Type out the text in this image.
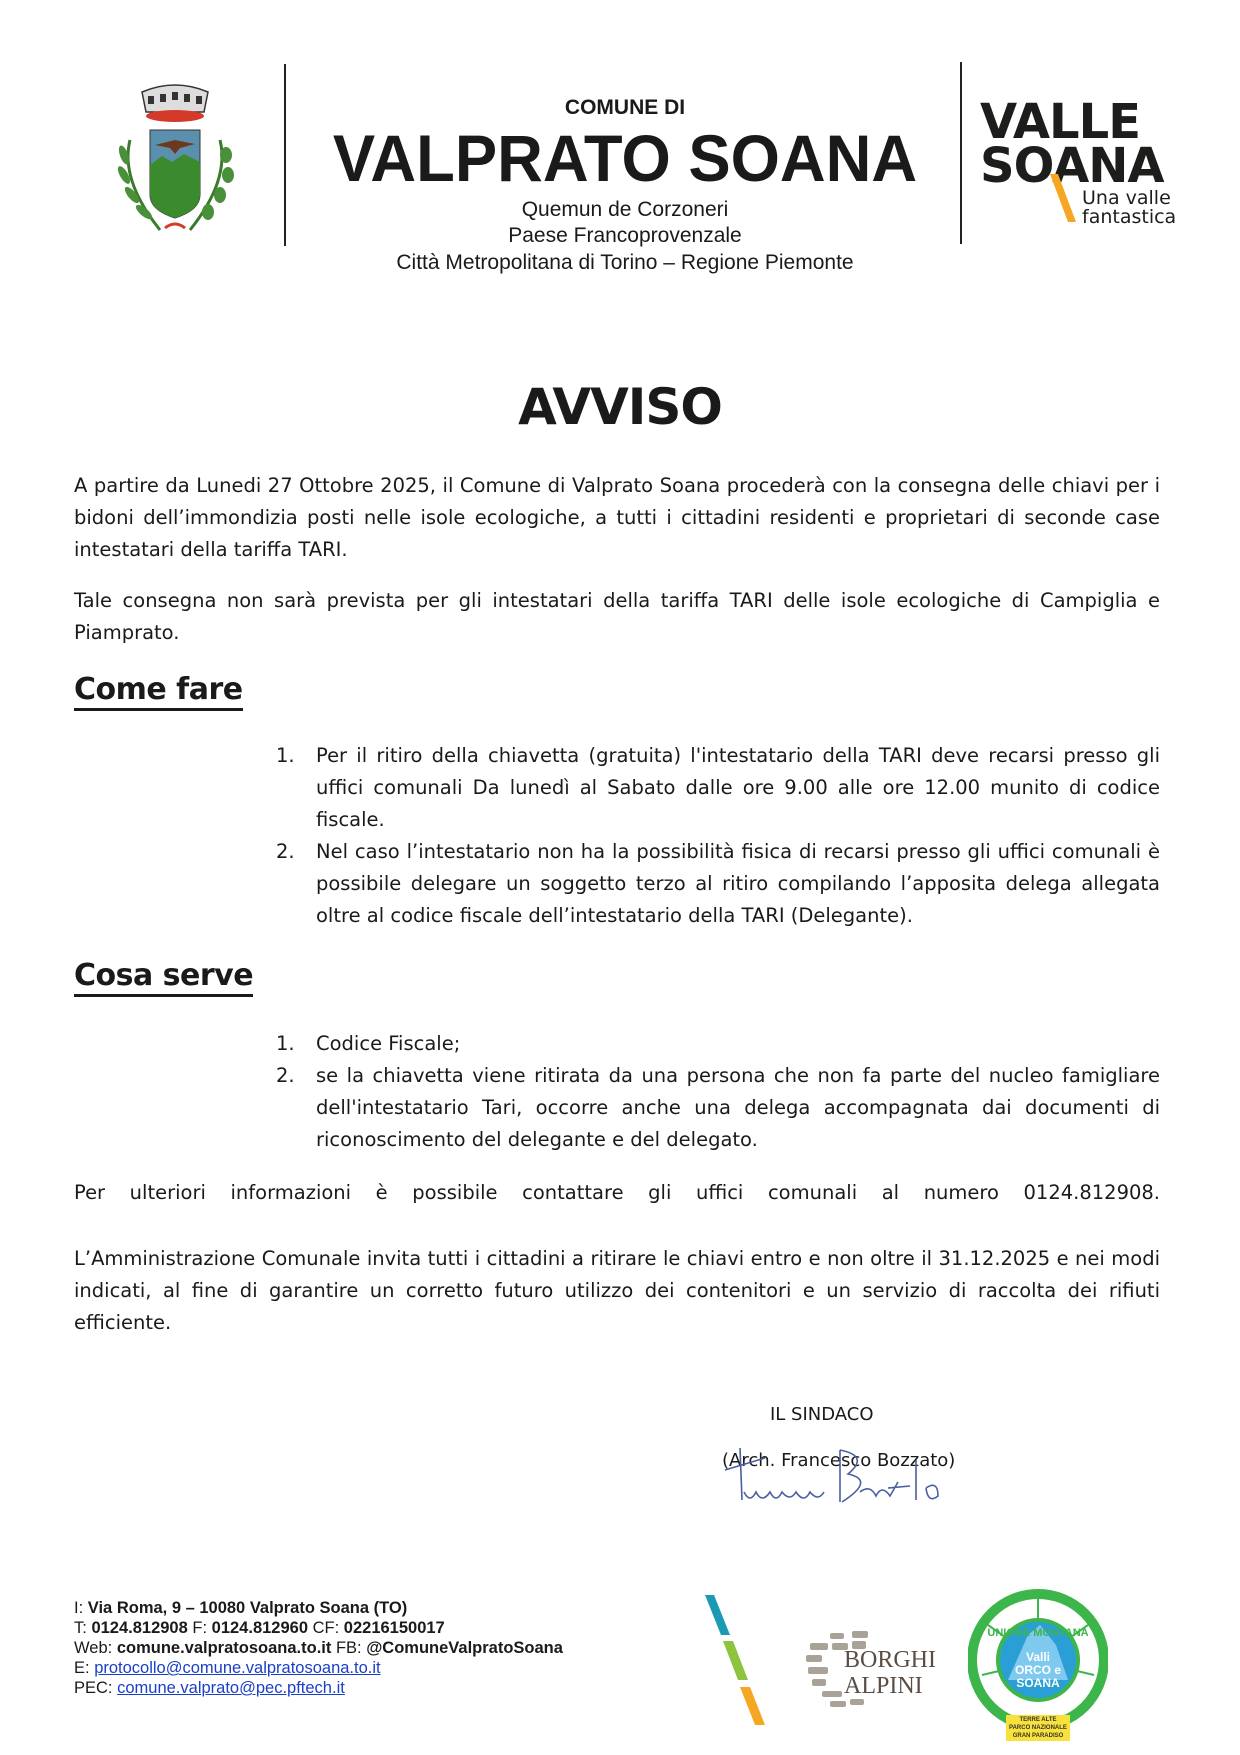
COMUNE DI
VALPRATO SOANA
Quemun de Corzoneri
Paese Francoprovenzale
Città Metropolitana di Torino – Regione Piemonte
VALLE
SOANA
Una valle
fantastica
AVVISO
A partire da Lunedi 27 Ottobre 2025, il Comune di Valprato Soana procederà con la consegna delle chiavi per i bidoni dell’immondizia posti nelle isole ecologiche, a tutti i cittadini residenti e proprietari di seconde case intestatari della tariffa TARI.
Tale consegna non sarà prevista per gli intestatari della tariffa TARI delle isole ecologiche di Campiglia e Piamprato.
Come fare
1. Per il ritiro della chiavetta (gratuita) l'intestatario della TARI deve recarsi presso gli uffici comunali Da lunedì al Sabato dalle ore 9.00 alle ore 12.00 munito di codice fiscale.
2. Nel caso l’intestatario non ha la possibilità fisica di recarsi presso gli uffici comunali è possibile delegare un soggetto terzo al ritiro compilando l’apposita delega allegata oltre al codice fiscale dell’intestatario della TARI (Delegante).
Cosa serve
1. Codice Fiscale;
2. se la chiavetta viene ritirata da una persona che non fa parte del nucleo famigliare dell'intestatario Tari, occorre anche una delega accompagnata dai documenti di riconoscimento del delegante e del delegato.
Per ulteriori informazioni è possibile contattare gli uffici comunali al numero 0124.812908.
L’Amministrazione Comunale invita tutti i cittadini a ritirare le chiavi entro e non oltre il 31.12.2025 e nei modi indicati, al fine di garantire un corretto futuro utilizzo dei contenitori e un servizio di raccolta dei rifiuti efficiente.
IL SINDACO
(Arch. Francesco Bozzato)
I: Via Roma, 9 – 10080 Valprato Soana (TO)
T: 0124.812908 F: 0124.812960 CF: 02216150017
Web: comune.valpratosoana.to.it FB: @ComuneValpratoSoana
E: protocollo@comune.valpratosoana.to.it
PEC: comune.valprato@pec.pftech.it
BORGHI
ALPINI
UNIONE MONTANA
Valli
ORCO e
SOANA
TERRE ALTE
PARCO NAZIONALE
GRAN PARADISO
